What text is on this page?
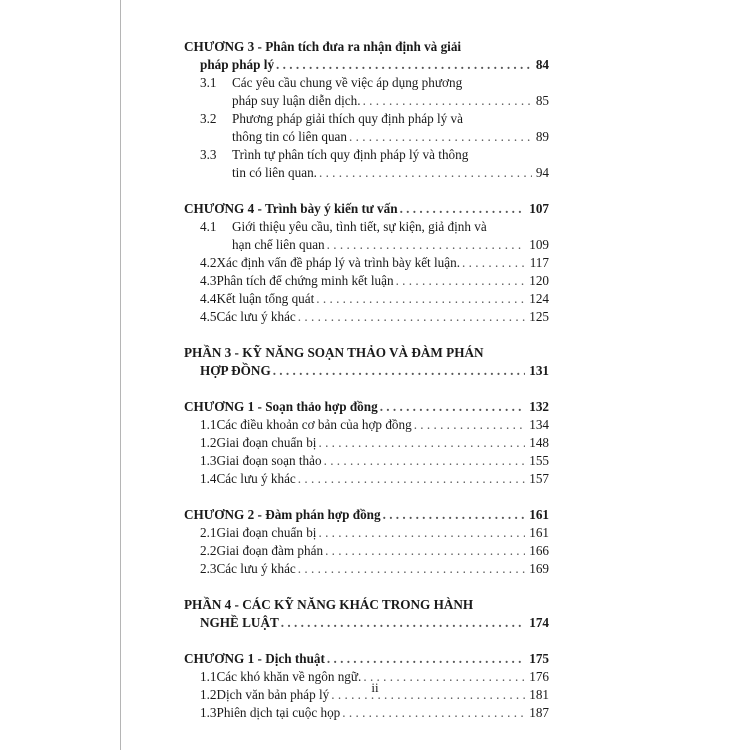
CHƯƠNG 3 - Phân tích đưa ra nhận định và giải
pháp pháp lý . . .	84
3.1	Các yêu cầu chung về việc áp dụng phương
pháp suy luận diễn dịch. . . .	85
3.2	Phương pháp giải thích quy định pháp lý và
thông tin có liên quan . . .	89
3.3	Trình tự phân tích quy định pháp lý và thông
tin có liên quan. . . .	94
CHƯƠNG 4 - Trình bày ý kiến tư vấn . . .	107
4.1	Giới thiệu yêu cầu, tình tiết, sự kiện, giả định và
hạn chế liên quan . . .	109
4.2 Xác định vấn đề pháp lý và trình bày kết luận. . . .	117
4.3 Phân tích để chứng minh kết luận . . .	120
4.4 Kết luận tổng quát . . .	124
4.5 Các lưu ý khác . . .	125
PHẦN 3 - KỸ NĂNG SOẠN THẢO VÀ ĐÀM PHÁN
HỢP ĐỒNG . . .	131
CHƯƠNG 1 - Soạn thảo hợp đồng . . .	132
1.1 Các điều khoản cơ bản của hợp đồng . . .	134
1.2 Giai đoạn chuẩn bị . . .	148
1.3 Giai đoạn soạn thảo . . .	155
1.4 Các lưu ý khác . . .	157
CHƯƠNG 2 - Đàm phán hợp đồng . . .	161
2.1 Giai đoạn chuẩn bị . . .	161
2.2 Giai đoạn đàm phán . . .	166
2.3 Các lưu ý khác . . .	169
PHẦN 4 - CÁC KỸ NĂNG KHÁC TRONG HÀNH
NGHỀ LUẬT . . .	174
CHƯƠNG 1 - Dịch thuật . . .	175
1.1 Các khó khăn về ngôn ngữ. . . .	176
1.2 Dịch văn bản pháp lý . . .	181
1.3 Phiên dịch tại cuộc họp . . .	187
ii
